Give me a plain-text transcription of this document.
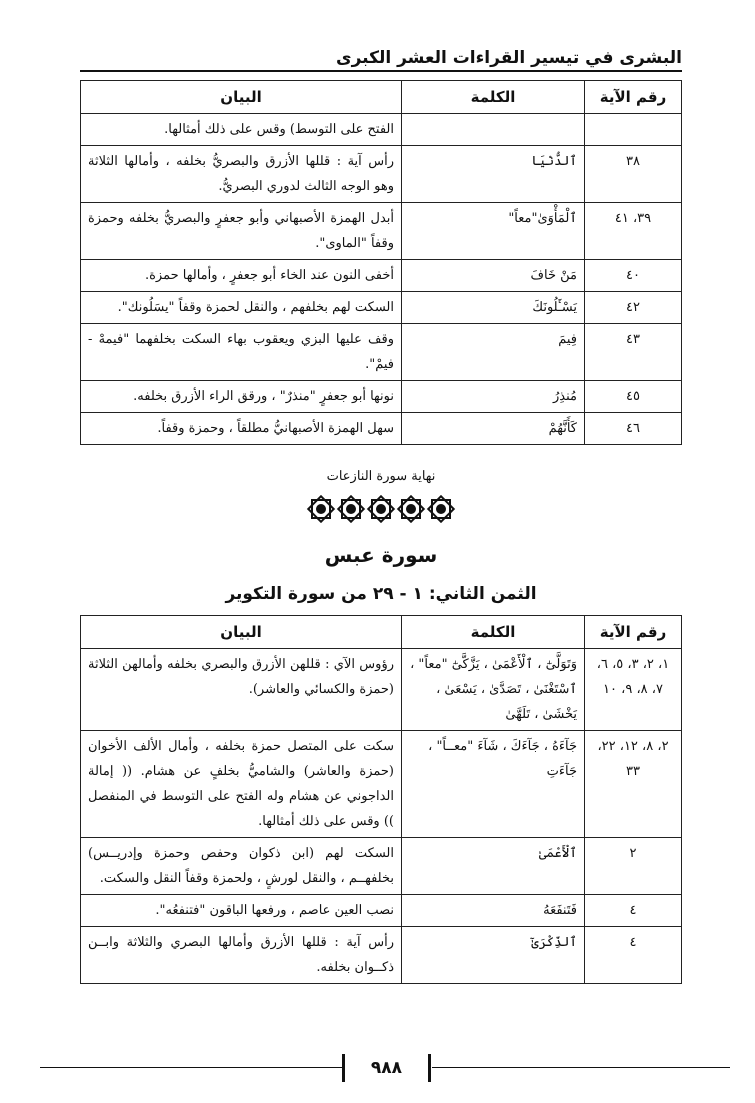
البشرى في تيسير القراءات العشر الكبرى
رقم الآية	الكلمة	البيان
		الفتح على التوسط) وقس على ذلك أمثالها.
٣٨	ٱلدُّنْيَا	رأس آية : قللها الأزرق والبصريُّ بخلفه ، وأمالها الثلاثة وهو الوجه الثالث لدوري البصريُّ.
٣٩، ٤١	ٱلْمَأْوَىٰ"معاً"	أبدل الهمزة الأصبهاني وأبو جعفرٍ والبصريُّ بخلفه وحمزة وقفاً "الماوى".
٤٠	مَنْ خَافَ	أخفى النون عند الخاء أبو جعفرٍ ، وأمالها حمزة.
٤٢	يَسْـَٔلُونَكَ	السكت لهم بخلفهم ، والنقل لحمزة وقفاً "يسَلُونك".
٤٣	فِيمَ	وقف عليها البزي ويعقوب بهاء السكت بخلفهما "فيمهْ - فيمْ".
٤٥	مُنذِرُ	نونها أبو جعفرٍ "منذرٌ" ، ورقق الراء الأزرق بخلفه.
٤٦	كَأَنَّهُمْ	سهل الهمزة الأصبهانيُّ مطلقاً ، وحمزة وقفاً.
نهاية سورة النازعات
سورة عبس
الثمن الثاني: ١ - ٢٩ من سورة التكوير
رقم الآية	الكلمة	البيان
١، ٢، ٣، ٥، ٦، ٧، ٨، ٩، ١٠	وَتَوَلَّىٰٓ ، ٱلْأَعْمَىٰ ، يَزَّكَّىٰٓ "معاً" ، ٱسْتَغْنَىٰ ، تَصَدَّىٰ ، يَسْعَىٰ ، يَخْشَىٰ ، تَلَهَّىٰ	رؤوس الآي : قللهن الأزرق والبصري بخلفه وأمالهن الثلاثة (حمزة والكسائي والعاشر).
٢، ٨، ١٢، ٢٢، ٣٣	جَآءَهُ ، جَآءَكَ ، شَآءَ "معــاً" ، جَآءَتِ	سكت على المتصل حمزة بخلفه ، وأمال الألف الأخوان (حمزة والعاشر) والشاميُّ بخلفٍ عن هشام. (( إمالة الداجوني عن هشام وله الفتح على التوسط في المنفصل )) وقس على ذلك أمثالها.
٢	ٱلْأَعْمَىٰ	السكت لهم (ابن ذكوان وحفص وحمزة وإدريــس) بخلفهــم ، والنقل لورشٍ ، ولحمزة وقفاً النقل والسكت.
٤	فَتَنفَعَهُ	نصب العين عاصم ، ورفعها الباقون "فتنفعُه".
٤	ٱلذِّكْرَىٰٓ	رأس آية : قللها الأزرق وأمالها البصري والثلاثة وابــن ذكــوان بخلفه.
٩٨٨
